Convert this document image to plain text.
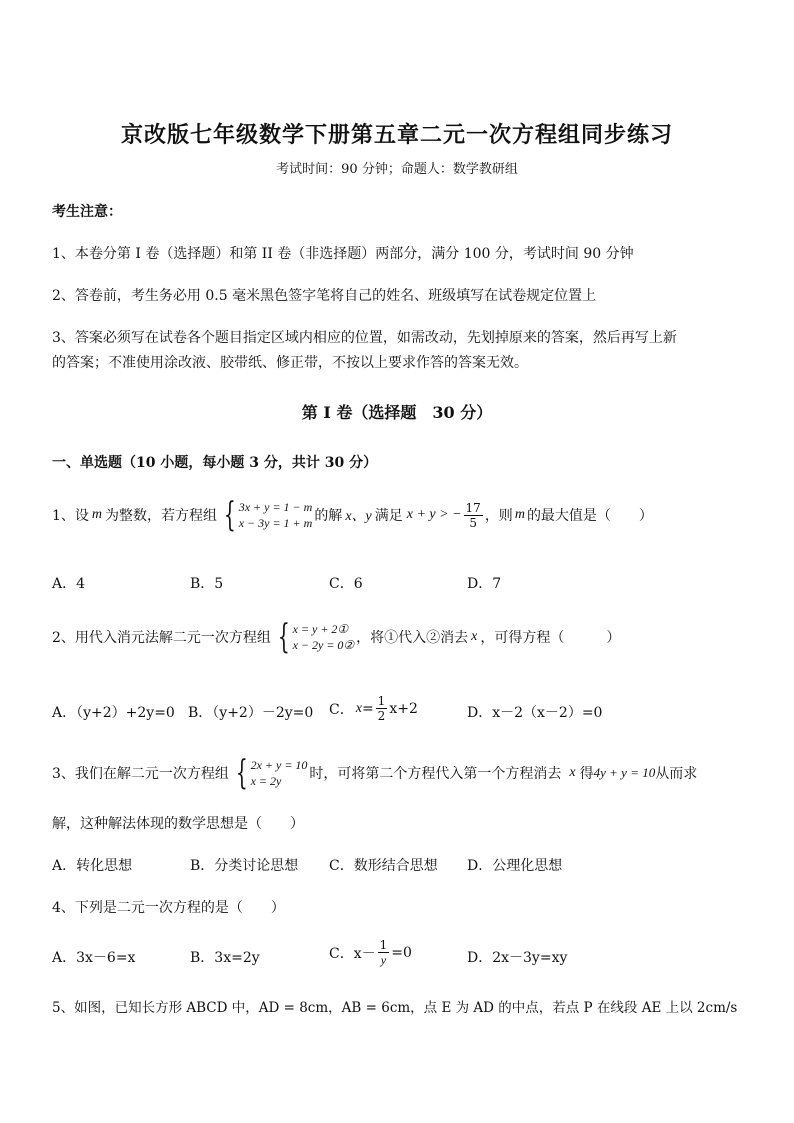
京改版七年级数学下册第五章二元一次方程组同步练习
考试时间：90 分钟；命题人：数学教研组
考生注意：
1、本卷分第 I 卷（选择题）和第 II 卷（非选择题）两部分，满分 100 分，考试时间 90 分钟
2、答卷前，考生务必用 0.5 毫米黑色签字笔将自己的姓名、班级填写在试卷规定位置上
3、答案必须写在试卷各个题目指定区域内相应的位置，如需改动，先划掉原来的答案，然后再写上新
的答案；不准使用涂改液、胶带纸、修正带，不按以上要求作答的答案无效。
第 I 卷（选择题　30 分）
一、单选题（10 小题，每小题 3 分，共计 30 分）
1、设 m 为整数，若方程组 { 3x + y = 1 − m
x − 3y = 1 + m 的解 x、y 满足 x + y > − $\frac{17}{5}$ ，则 m 的最大值是（　　）
A．4	B．5	C．6	D．7
2、用代入消元法解二元一次方程组 { x = y + 2①
x − 2y = 0② ，将①代入②消去 x ，可得方程（　　　）
A．（y+2）+2y=0 B．（y+2）－2y=0 C． $x = \frac{1}{2} x+2$	D．x－2（x－2）=0
3、我们在解二元一次方程组 { 2x + y = 10
x = 2y	时，可将第二个方程代入第一个方程消去 x 得 4y + y = 10 从而求
解，这种解法体现的数学思想是（　　）
A．转化思想	B．分类讨论思想 C．数形结合思想 D．公理化思想
4、下列是二元一次方程的是（　　）
A．3x－6=x	B．3x=2y	C．$x- \frac{1}{y} =0$	D．2x－3y=xy
5、如图，已知长方形 ABCD 中，AD = 8cm，AB = 6cm，点 E 为 AD 的中点，若点 P 在线段 AE 上以 2cm/s
